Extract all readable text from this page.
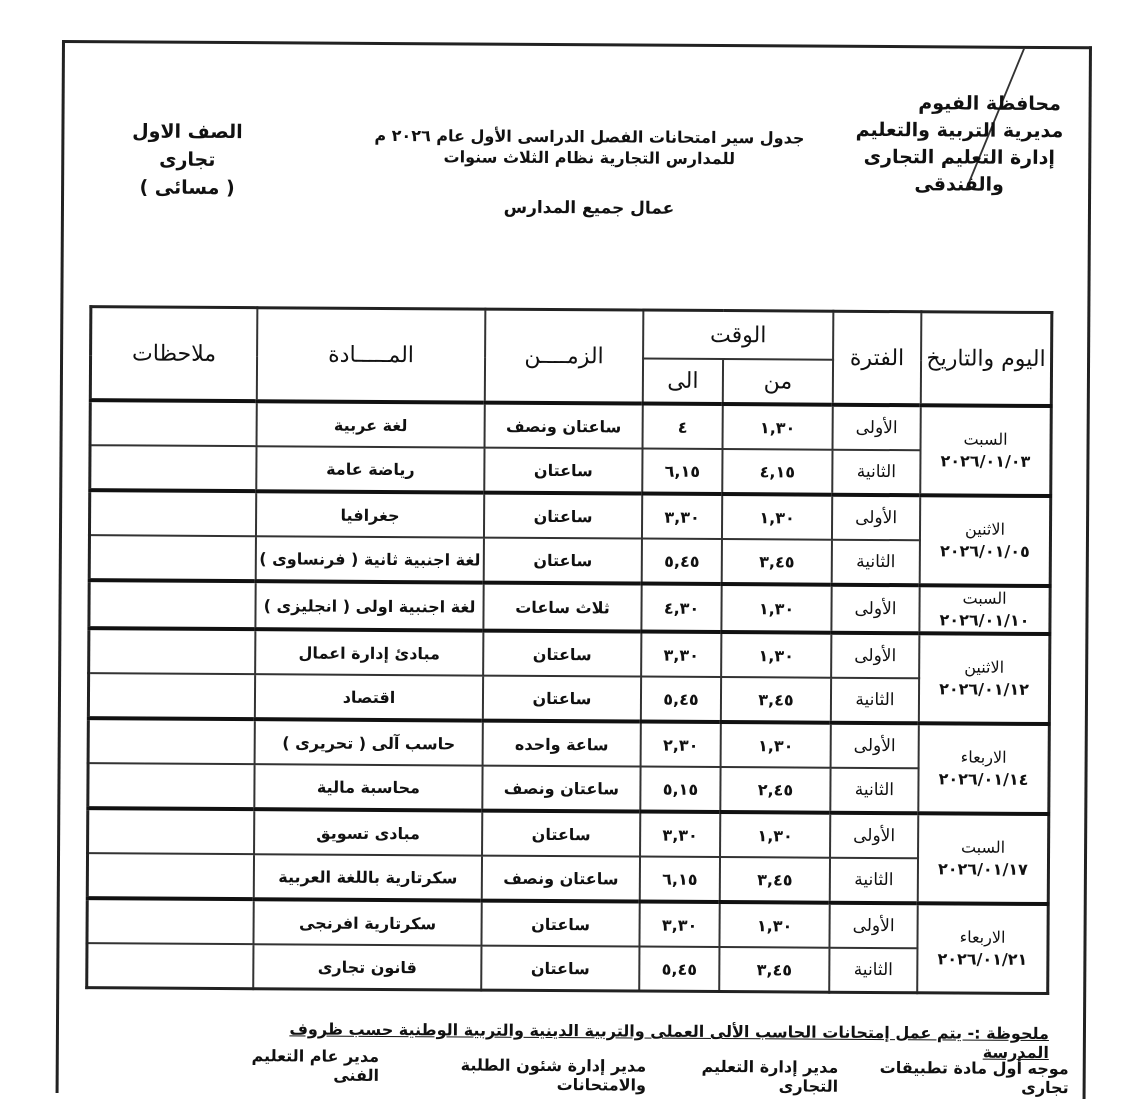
محافظة الفيوم
مديرية التربية والتعليم
إدارة التعليم التجارى والفندقى
جدول سير امتحانات الفصل الدراسى الأول عام ٢٠٢٦ م
للمدارس التجارية نظام الثلاث سنوات
عمال جميع المدارس
الصف الاول
تجارى
( مسائى )
اليوم والتاريخ	الفترة	الوقت		الزمــــن	المـــــادة	ملاحظات
		من	الى			

السبت
٢٠٢٦/٠١/٠٣	الأولى	١,٣٠	٤	ساعتان ونصف	لغة عربية	
	الثانية	٤,١٥	٦,١٥	ساعتان	رياضة عامة	

الاثنين
٢٠٢٦/٠١/٠٥	الأولى	١,٣٠	٣,٣٠	ساعتان	جغرافيا	
	الثانية	٣,٤٥	٥,٤٥	ساعتان	لغة اجنبية ثانية ( فرنساوى )	

السبت
٢٠٢٦/٠١/١٠	الأولى	١,٣٠	٤,٣٠	ثلاث ساعات	لغة اجنبية اولى ( انجليزى )	

الاثنين
٢٠٢٦/٠١/١٢	الأولى	١,٣٠	٣,٣٠	ساعتان	مبادئ إدارة اعمال	
	الثانية	٣,٤٥	٥,٤٥	ساعتان	اقتصاد	

الاربعاء
٢٠٢٦/٠١/١٤	الأولى	١,٣٠	٢,٣٠	ساعة واحده	حاسب آلى ( تحريرى )	
	الثانية	٢,٤٥	٥,١٥	ساعتان ونصف	محاسبة مالية	

السبت
٢٠٢٦/٠١/١٧	الأولى	١,٣٠	٣,٣٠	ساعتان	مبادى تسويق	
	الثانية	٣,٤٥	٦,١٥	ساعتان ونصف	سكرتارية باللغة العربية	

الاربعاء
٢٠٢٦/٠١/٢١	الأولى	١,٣٠	٣,٣٠	ساعتان	سكرتارية افرنجى	
	الثانية	٣,٤٥	٥,٤٥	ساعتان	قانون تجارى	
ملحوظة :- يتم عمل إمتحانات الحاسب الألى العملى والتربية الدينية والتربية الوطنية حسب ظروف المدرسة
موجه أول مادة تطبيقات تجارى
مدير إدارة التعليم التجارى
مدير إدارة شئون الطلبة والامتحانات
مدير عام التعليم الفنى
